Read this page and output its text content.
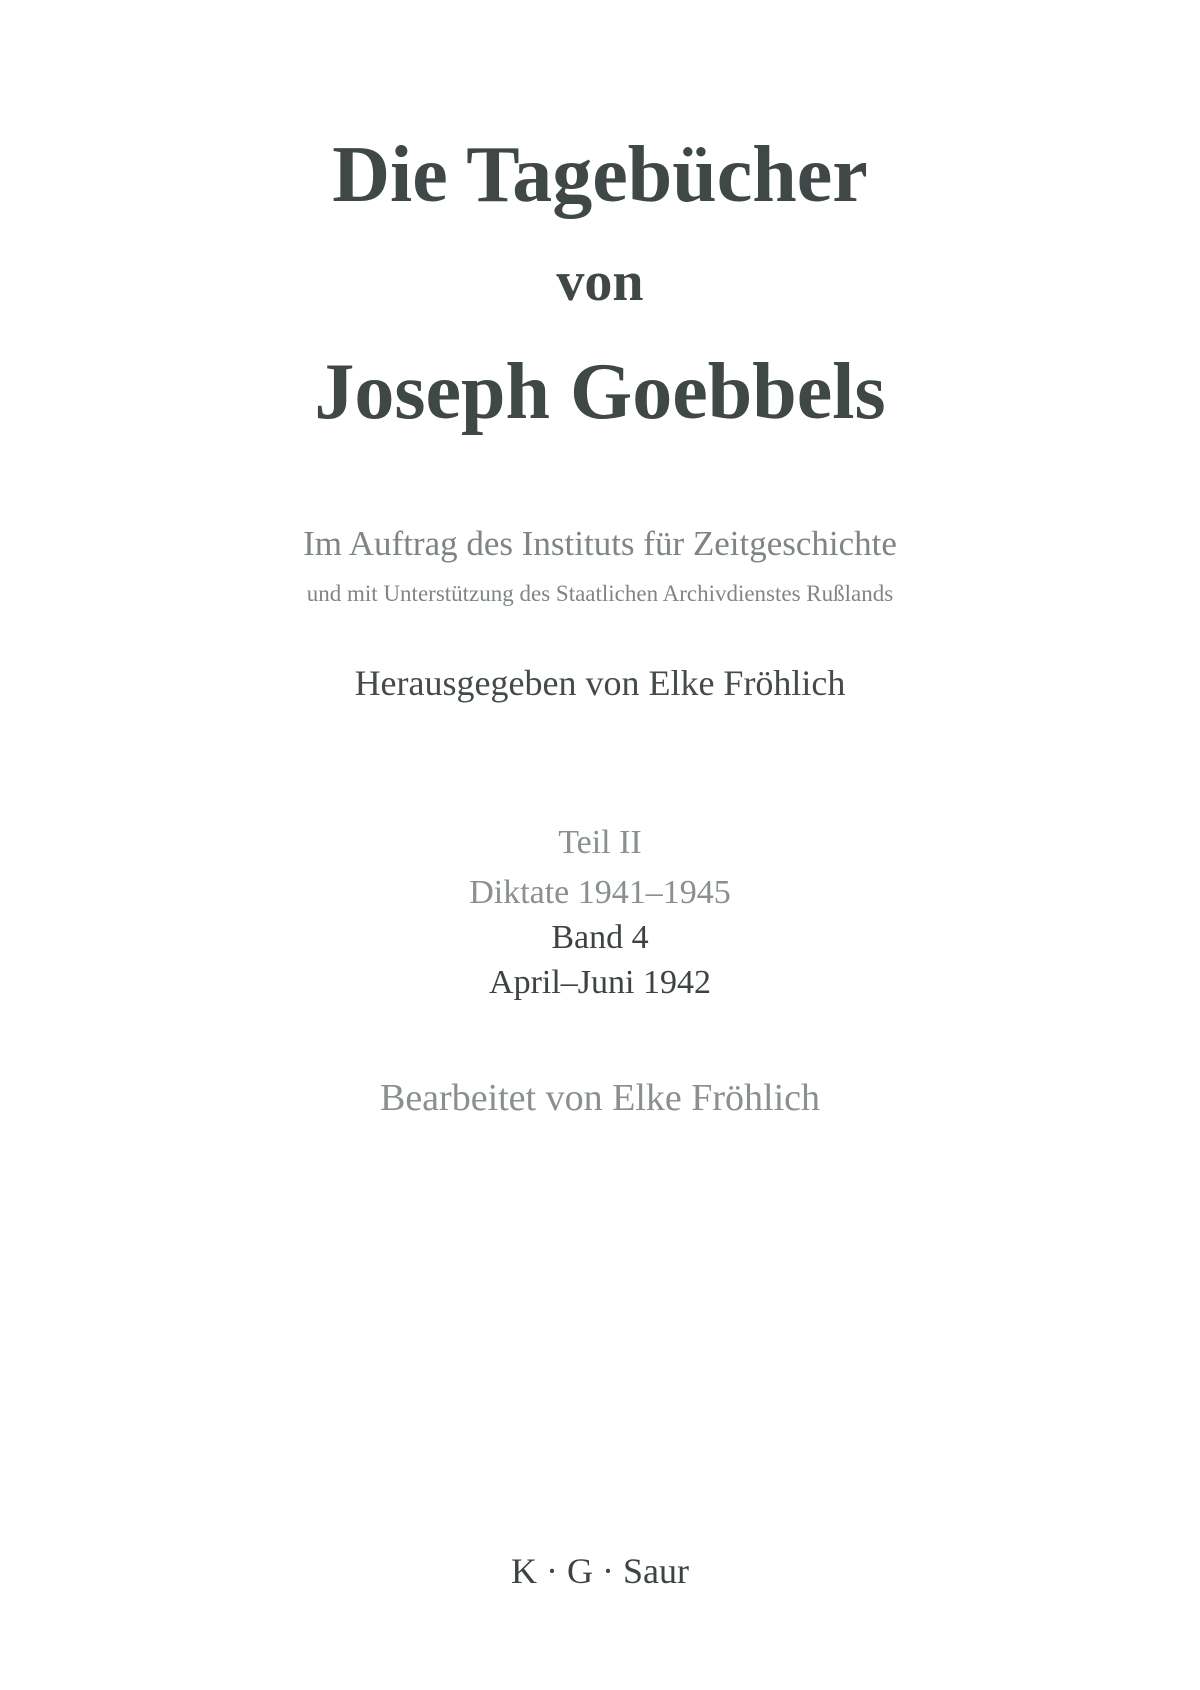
Die Tagebücher
von
Joseph Goebbels
Im Auftrag des Instituts für Zeitgeschichte
und mit Unterstützung des Staatlichen Archivdienstes Rußlands
Herausgegeben von Elke Fröhlich
Teil II
Diktate 1941–1945
Band 4
April–Juni 1942
Bearbeitet von Elke Fröhlich
K · G · Saur
